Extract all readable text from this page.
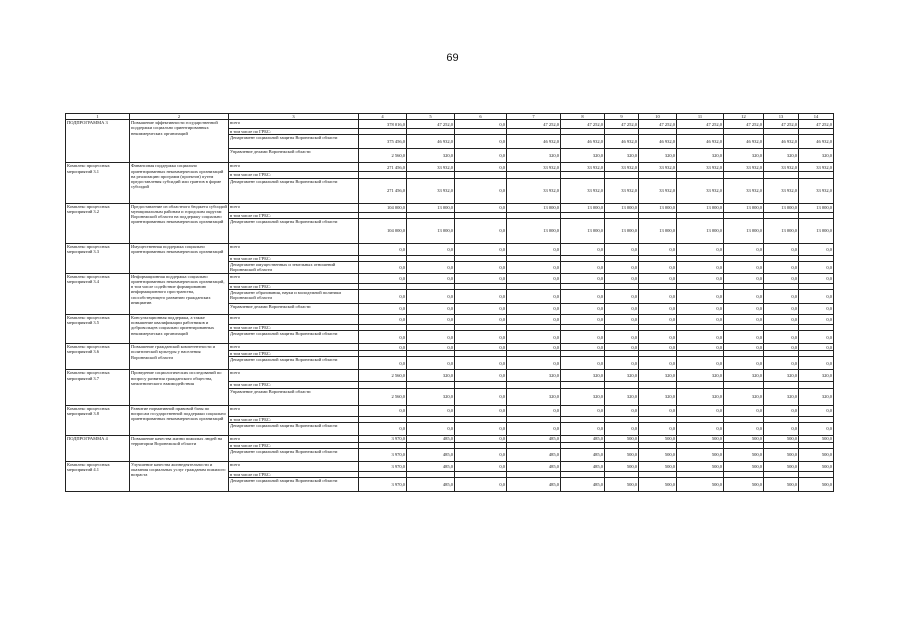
69
1	2	3	4	5	6	7	8	9	10	11	12	13	14
ПОДПРОГРАММА 3	Повышение эффективности государственной поддержки социально ориентированных некоммерческих организаций	всего	378 016,0	47 252,0	0,0	47 252,0	47 252,0	47 252,0	47 252,0	47 252,0	47 252,0	47 252,0	47 252,0
		в том числе по ГРБС:											
		Департамент социальной защиты Воронежской области	375 456,0	46 932,0	0,0	46 932,0	46 932,0	46 932,0	46 932,0	46 932,0	46 932,0	46 932,0	46 932,0
		Управление делами Воронежской области	2 560,0	320,0	0,0	320,0	320,0	320,0	320,0	320,0	320,0	320,0	320,0
Комплекс процессных мероприятий 3.1	Финансовая поддержка социально ориентированных некоммерческих организаций на реализацию программ (проектов) путем предоставления субсидий или грантов в форме субсидий	всего	271 456,0	33 932,0	0,0	33 932,0	33 932,0	33 932,0	33 932,0	33 932,0	33 932,0	33 932,0	33 932,0
		в том числе по ГРБС:											
		Департамент социальной защиты Воронежской области	271 456,0	33 932,0	0,0	33 932,0	33 932,0	33 932,0	33 932,0	33 932,0	33 932,0	33 932,0	33 932,0
Комплекс процессных мероприятий 3.2	Предоставление из областного бюджета субсидий муниципальным районам и городским округам Воронежской области на поддержку социально ориентированных некоммерческих организаций	всего	104 000,0	13 000,0	0,0	13 000,0	13 000,0	13 000,0	13 000,0	13 000,0	13 000,0	13 000,0	13 000,0
		в том числе по ГРБС:											
		Департамент социальной защиты Воронежской области	104 000,0	13 000,0	0,0	13 000,0	13 000,0	13 000,0	13 000,0	13 000,0	13 000,0	13 000,0	13 000,0
Комплекс процессных мероприятий 3.3	Имущественная поддержка социально ориентированных некоммерческих организаций	всего	0,0	0,0	0,0	0,0	0,0	0,0	0,0	0,0	0,0	0,0	0,0
		в том числе по ГРБС:											
		Департамент имущественных и земельных отношений Воронежской области	0,0	0,0	0,0	0,0	0,0	0,0	0,0	0,0	0,0	0,0	0,0
Комплекс процессных мероприятий 3.4	Информационная поддержка социально ориентированных некоммерческих организаций, в том числе содействие формированию информационного пространства, способствующего развитию гражданских инициатив	всего	0,0	0,0	0,0	0,0	0,0	0,0	0,0	0,0	0,0	0,0	0,0
		в том числе по ГРБС:											
		Департамент образования, науки и молодежной политики Воронежской области	0,0	0,0	0,0	0,0	0,0	0,0	0,0	0,0	0,0	0,0	0,0
		Управление делами Воронежской области	0,0	0,0	0,0	0,0	0,0	0,0	0,0	0,0	0,0	0,0	0,0
Комплекс процессных мероприятий 3.5	Консультационная поддержка, а также повышение квалификации работников и добровольцев социально ориентированных некоммерческих организаций	всего	0,0	0,0	0,0	0,0	0,0	0,0	0,0	0,0	0,0	0,0	0,0
		в том числе по ГРБС:											
		Департамент социальной защиты Воронежской области	0,0	0,0	0,0	0,0	0,0	0,0	0,0	0,0	0,0	0,0	0,0
Комплекс процессных мероприятий 3.6	Повышение гражданской компетентности и политической культуры у населения Воронежской области	всего	0,0	0,0	0,0	0,0	0,0	0,0	0,0	0,0	0,0	0,0	0,0
		в том числе по ГРБС:											
		Департамент социальной защиты Воронежской области	0,0	0,0	0,0	0,0	0,0	0,0	0,0	0,0	0,0	0,0	0,0
Комплекс процессных мероприятий 3.7	Проведение социологических исследований по вопросу развития гражданского общества, межэтнического взаимодействия	всего	2 560,0	320,0	0,0	320,0	320,0	320,0	320,0	320,0	320,0	320,0	320,0
		в том числе по ГРБС:											
		Управление делами Воронежской области	2 560,0	320,0	0,0	320,0	320,0	320,0	320,0	320,0	320,0	320,0	320,0
Комплекс процессных мероприятий 3.8	Развитие нормативной правовой базы по вопросам государственной поддержки социально ориентированных некоммерческих организаций	всего	0,0	0,0	0,0	0,0	0,0	0,0	0,0	0,0	0,0	0,0	0,0
		в том числе по ГРБС:											
		Департамент социальной защиты Воронежской области	0,0	0,0	0,0	0,0	0,0	0,0	0,0	0,0	0,0	0,0	0,0
ПОДПРОГРАММА 4	Повышение качества жизни пожилых людей на территории Воронежской области	всего	3 970,0	485,0	0,0	485,0	485,0	500,0	500,0	500,0	500,0	500,0	500,0
		в том числе по ГРБС:											
		Департамент социальной защиты Воронежской области	3 970,0	485,0	0,0	485,0	485,0	500,0	500,0	500,0	500,0	500,0	500,0
Комплекс процессных мероприятий 4.1	Улучшение качества жизнедеятельности и оказания социальных услуг гражданам пожилого возраста	всего	3 970,0	485,0	0,0	485,0	485,0	500,0	500,0	500,0	500,0	500,0	500,0
		в том числе по ГРБС:											
		Департамент социальной защиты Воронежской области	3 970,0	485,0	0,0	485,0	485,0	500,0	500,0	500,0	500,0	500,0	500,0
